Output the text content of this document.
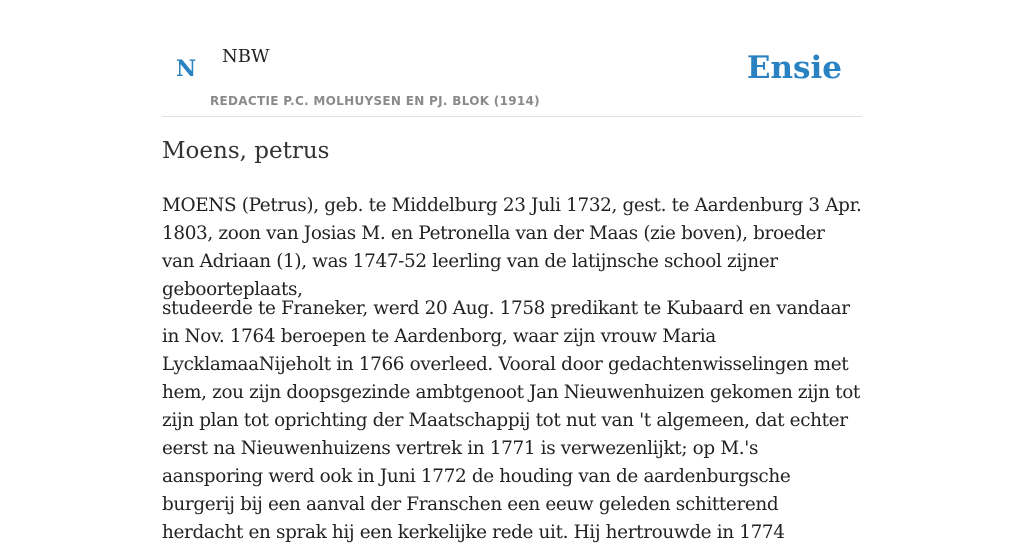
N NBW
REDACTIE P.C. MOLHUYSEN EN PJ. BLOK (1914)
Ensie
Moens, petrus

MOENS (Petrus), geb. te Middelburg 23 Juli 1732, gest. te Aardenburg 3 Apr. 1803, zoon van Josias M. en Petronella van der Maas (zie boven), broeder van Adriaan (1), was 1747-52 leerling van de latijnsche school zijner geboorteplaats,

studeerde te Franeker, werd 20 Aug. 1758 predikant te Kubaard en vandaar in Nov. 1764 beroepen te Aardenborg, waar zijn vrouw Maria LycklamaaNijeholt in 1766 overleed. Vooral door gedachtenwisselingen met hem, zou zijn doopsgezinde ambtgenoot Jan Nieuwenhuizen gekomen zijn tot zijn plan tot oprichting der Maatschappij tot nut van 't algemeen, dat echter eerst na Nieuwenhuizens vertrek in 1771 is verwezenlijkt; op M.'s aansporing werd ook in Juni 1772 de houding van de aardenburgsche burgerij bij een aanval der Franschen een eeuw geleden schitterend herdacht en sprak hij een kerkelijke rede uit. Hij hertrouwde in 1774
